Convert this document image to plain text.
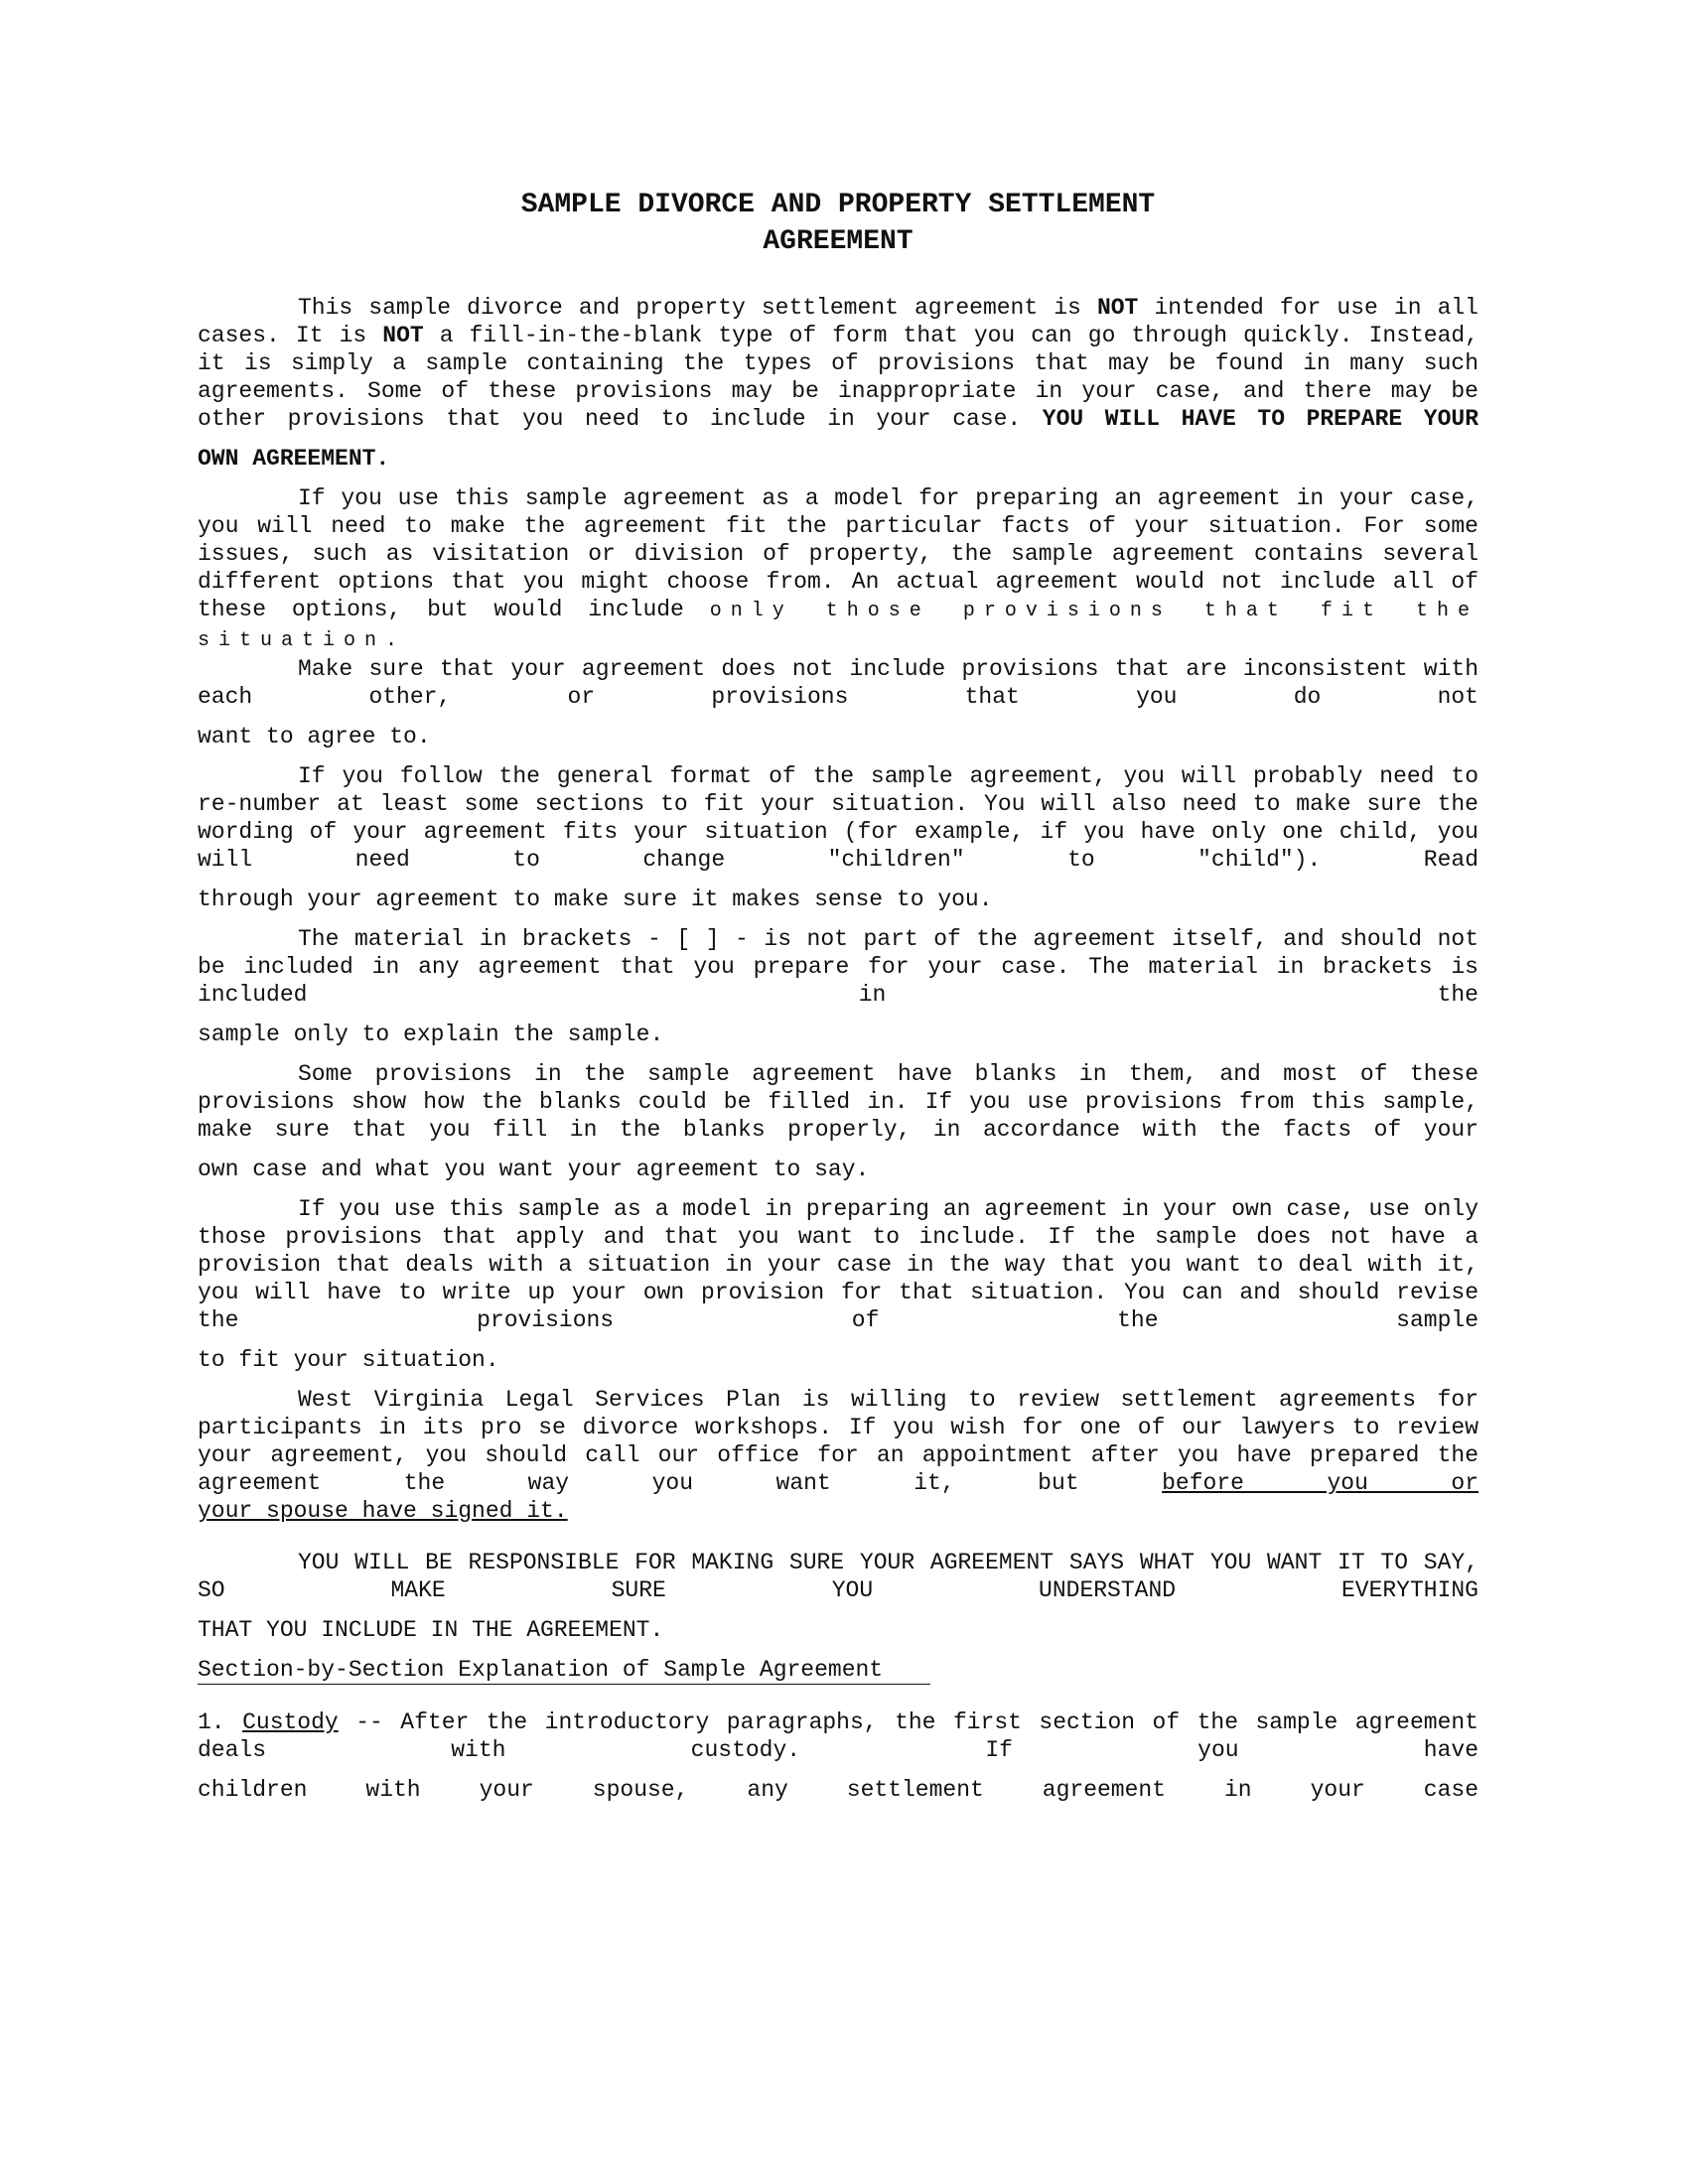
SAMPLE DIVORCE AND PROPERTY SETTLEMENT
AGREEMENT

This sample divorce and property settlement agreement is NOT intended for use in all cases. It is NOT a fill-in-the-blank type of form that you can go through quickly. Instead, it is simply a sample containing the types of provisions that may be found in many such agreements. Some of these provisions may be inappropriate in your case, and there may be other provisions that you need to include in your case. YOU WILL HAVE TO PREPARE YOUR

OWN AGREEMENT.

If you use this sample agreement as a model for preparing an agreement in your case, you will need to make the agreement fit the particular facts of your situation. For some issues, such as visitation or division of property, the sample agreement contains several different options that you might choose from. An actual agreement would not include all of these options, but would include only those provisions that fit the situation.

Make sure that your agreement does not include provisions that are inconsistent with each other, or provisions that you do not

want to agree to.

If you follow the general format of the sample agreement, you will probably need to re-number at least some sections to fit your situation. You will also need to make sure the wording of your agreement fits your situation (for example, if you have only one child, you will need to change "children" to "child"). Read

through your agreement to make sure it makes sense to you.

The material in brackets - [ ] - is not part of the agreement itself, and should not be included in any agreement that you prepare for your case. The material in brackets is included in the

sample only to explain the sample.

Some provisions in the sample agreement have blanks in them, and most of these provisions show how the blanks could be filled in. If you use provisions from this sample, make sure that you fill in the blanks properly, in accordance with the facts of your

own case and what you want your agreement to say.

If you use this sample as a model in preparing an agreement in your own case, use only those provisions that apply and that you want to include. If the sample does not have a provision that deals with a situation in your case in the way that you want to deal with it, you will have to write up your own provision for that situation. You can and should revise the provisions of the sample

to fit your situation.

West Virginia Legal Services Plan is willing to review settlement agreements for participants in its pro se divorce workshops. If you wish for one of our lawyers to review your agreement, you should call our office for an appointment after you have prepared the agreement the way you want it, but	before you or

your spouse have signed it.

YOU WILL BE RESPONSIBLE FOR MAKING SURE YOUR AGREEMENT SAYS WHAT YOU WANT IT TO SAY, SO MAKE SURE YOU UNDERSTAND EVERYTHING

THAT YOU INCLUDE IN THE AGREEMENT.

Section-by-Section Explanation of Sample Agreement

1. Custody -- After the introductory paragraphs, the first section of the sample agreement deals with custody. If you have

children with your spouse, any settlement agreement in your case
